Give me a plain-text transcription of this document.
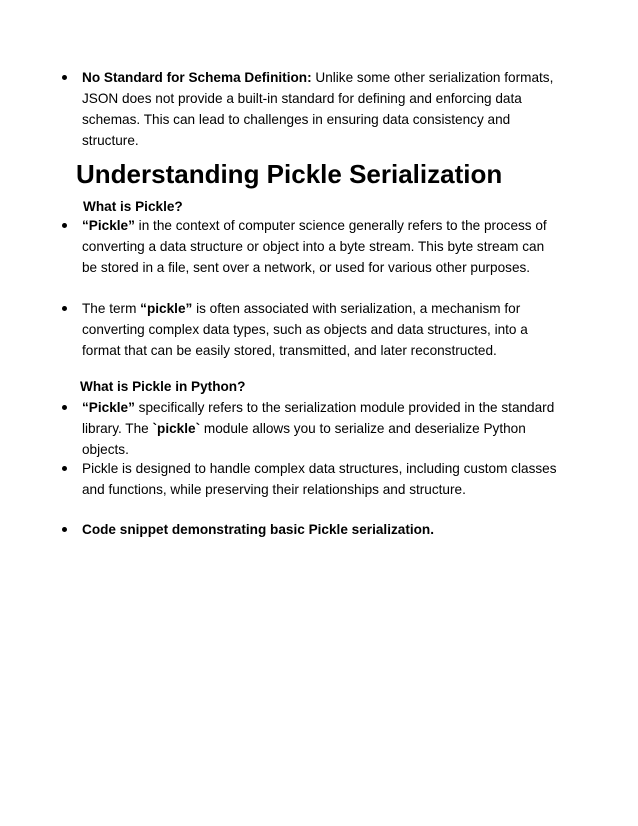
No Standard for Schema Definition: Unlike some other serialization formats, JSON does not provide a built-in standard for defining and enforcing data schemas. This can lead to challenges in ensuring data consistency and structure.
Understanding Pickle Serialization
What is Pickle?
“Pickle” in the context of computer science generally refers to the process of converting a data structure or object into a byte stream. This byte stream can be stored in a file, sent over a network, or used for various other purposes.
The term “pickle” is often associated with serialization, a mechanism for converting complex data types, such as objects and data structures, into a format that can be easily stored, transmitted, and later reconstructed.
What is Pickle in Python?
“Pickle” specifically refers to the serialization module provided in the standard library. The `pickle` module allows you to serialize and deserialize Python objects.
Pickle is designed to handle complex data structures, including custom classes and functions, while preserving their relationships and structure.
Code snippet demonstrating basic Pickle serialization.
